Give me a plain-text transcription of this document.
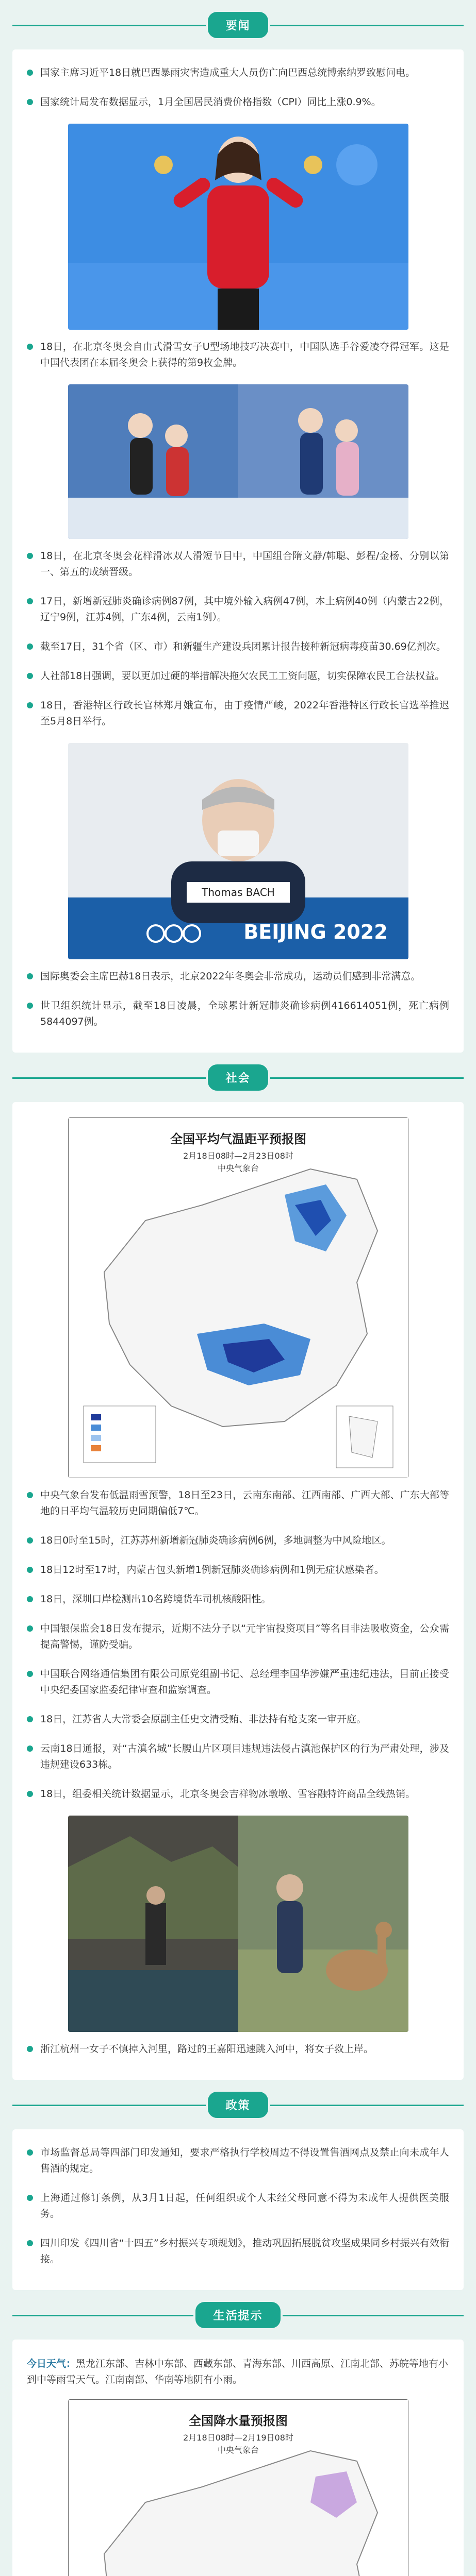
要闻

国家主席习近平18日就巴西暴雨灾害造成重大人员伤亡向巴西总统博索纳罗致慰问电。

国家统计局发布数据显示，1月全国居民消费价格指数（CPI）同比上涨0.9%。

18日，在北京冬奥会自由式滑雪女子U型场地技巧决赛中，中国队选手谷爱凌夺得冠军。这是中国代表团在本届冬奥会上获得的第9枚金牌。

18日，在北京冬奥会花样滑冰双人滑短节目中，中国组合隋文静/韩聪、彭程/金杨、分别以第一、第五的成绩晋级。

17日，新增新冠肺炎确诊病例87例，其中境外输入病例47例，本土病例40例（内蒙古22例，辽宁9例，江苏4例，广东4例，云南1例）。

截至17日，31个省（区、市）和新疆生产建设兵团累计报告接种新冠病毒疫苗30.69亿剂次。

人社部18日强调，要以更加过硬的举措解决拖欠农民工工资问题，切实保障农民工合法权益。

18日，香港特区行政长官林郑月娥宣布，由于疫情严峻，2022年香港特区行政长官选举推迟至5月8日举行。

Thomas BACH
BEIJING 2022

国际奥委会主席巴赫18日表示，北京2022年冬奥会非常成功，运动员们感到非常满意。

世卫组织统计显示，截至18日凌晨，全球累计新冠肺炎确诊病例416614051例，死亡病例5844097例。

社会
全国平均气温距平预报图
2月18日08时—2月23日08时
中央气象台

中央气象台发布低温雨雪预警，18日至23日，云南东南部、江西南部、广西大部、广东大部等地的日平均气温较历史同期偏低7℃。

18日0时至15时，江苏苏州新增新冠肺炎确诊病例6例，多地调整为中风险地区。

18日12时至17时，内蒙古包头新增1例新冠肺炎确诊病例和1例无症状感染者。

18日，深圳口岸检测出10名跨境货车司机核酸阳性。

中国银保监会18日发布提示，近期不法分子以“元宇宙投资项目”等名目非法吸收资金，公众需提高警惕，谨防受骗。

中国联合网络通信集团有限公司原党组副书记、总经理李国华涉嫌严重违纪违法，目前正接受中央纪委国家监委纪律审查和监察调查。

18日，江苏省人大常委会原副主任史文清受贿、非法持有枪支案一审开庭。

云南18日通报，对“古滇名城”长腰山片区项目违规违法侵占滇池保护区的行为严肃处理，涉及违规建设633栋。

18日，组委相关统计数据显示，北京冬奥会吉祥物冰墩墩、雪容融特许商品全线热销。

浙江杭州一女子不慎掉入河里，路过的王嘉阳迅速跳入河中，将女子救上岸。

政策

市场监督总局等四部门印发通知，要求严格执行学校周边不得设置售酒网点及禁止向未成年人售酒的规定。

上海通过修订条例，从3月1日起，任何组织或个人未经父母同意不得为未成年人提供医美服务。

四川印发《四川省“十四五”乡村振兴专项规划》，推动巩固拓展脱贫攻坚成果同乡村振兴有效衔接。

生活提示

今日天气：黑龙江东部、吉林中东部、西藏东部、青海东部、川西高原、江南北部、苏皖等地有小到中等雨雪天气。江南南部、华南等地阴有小雨。

全国降水量预报图
2月18日08时—2月19日08时
中央气象台
